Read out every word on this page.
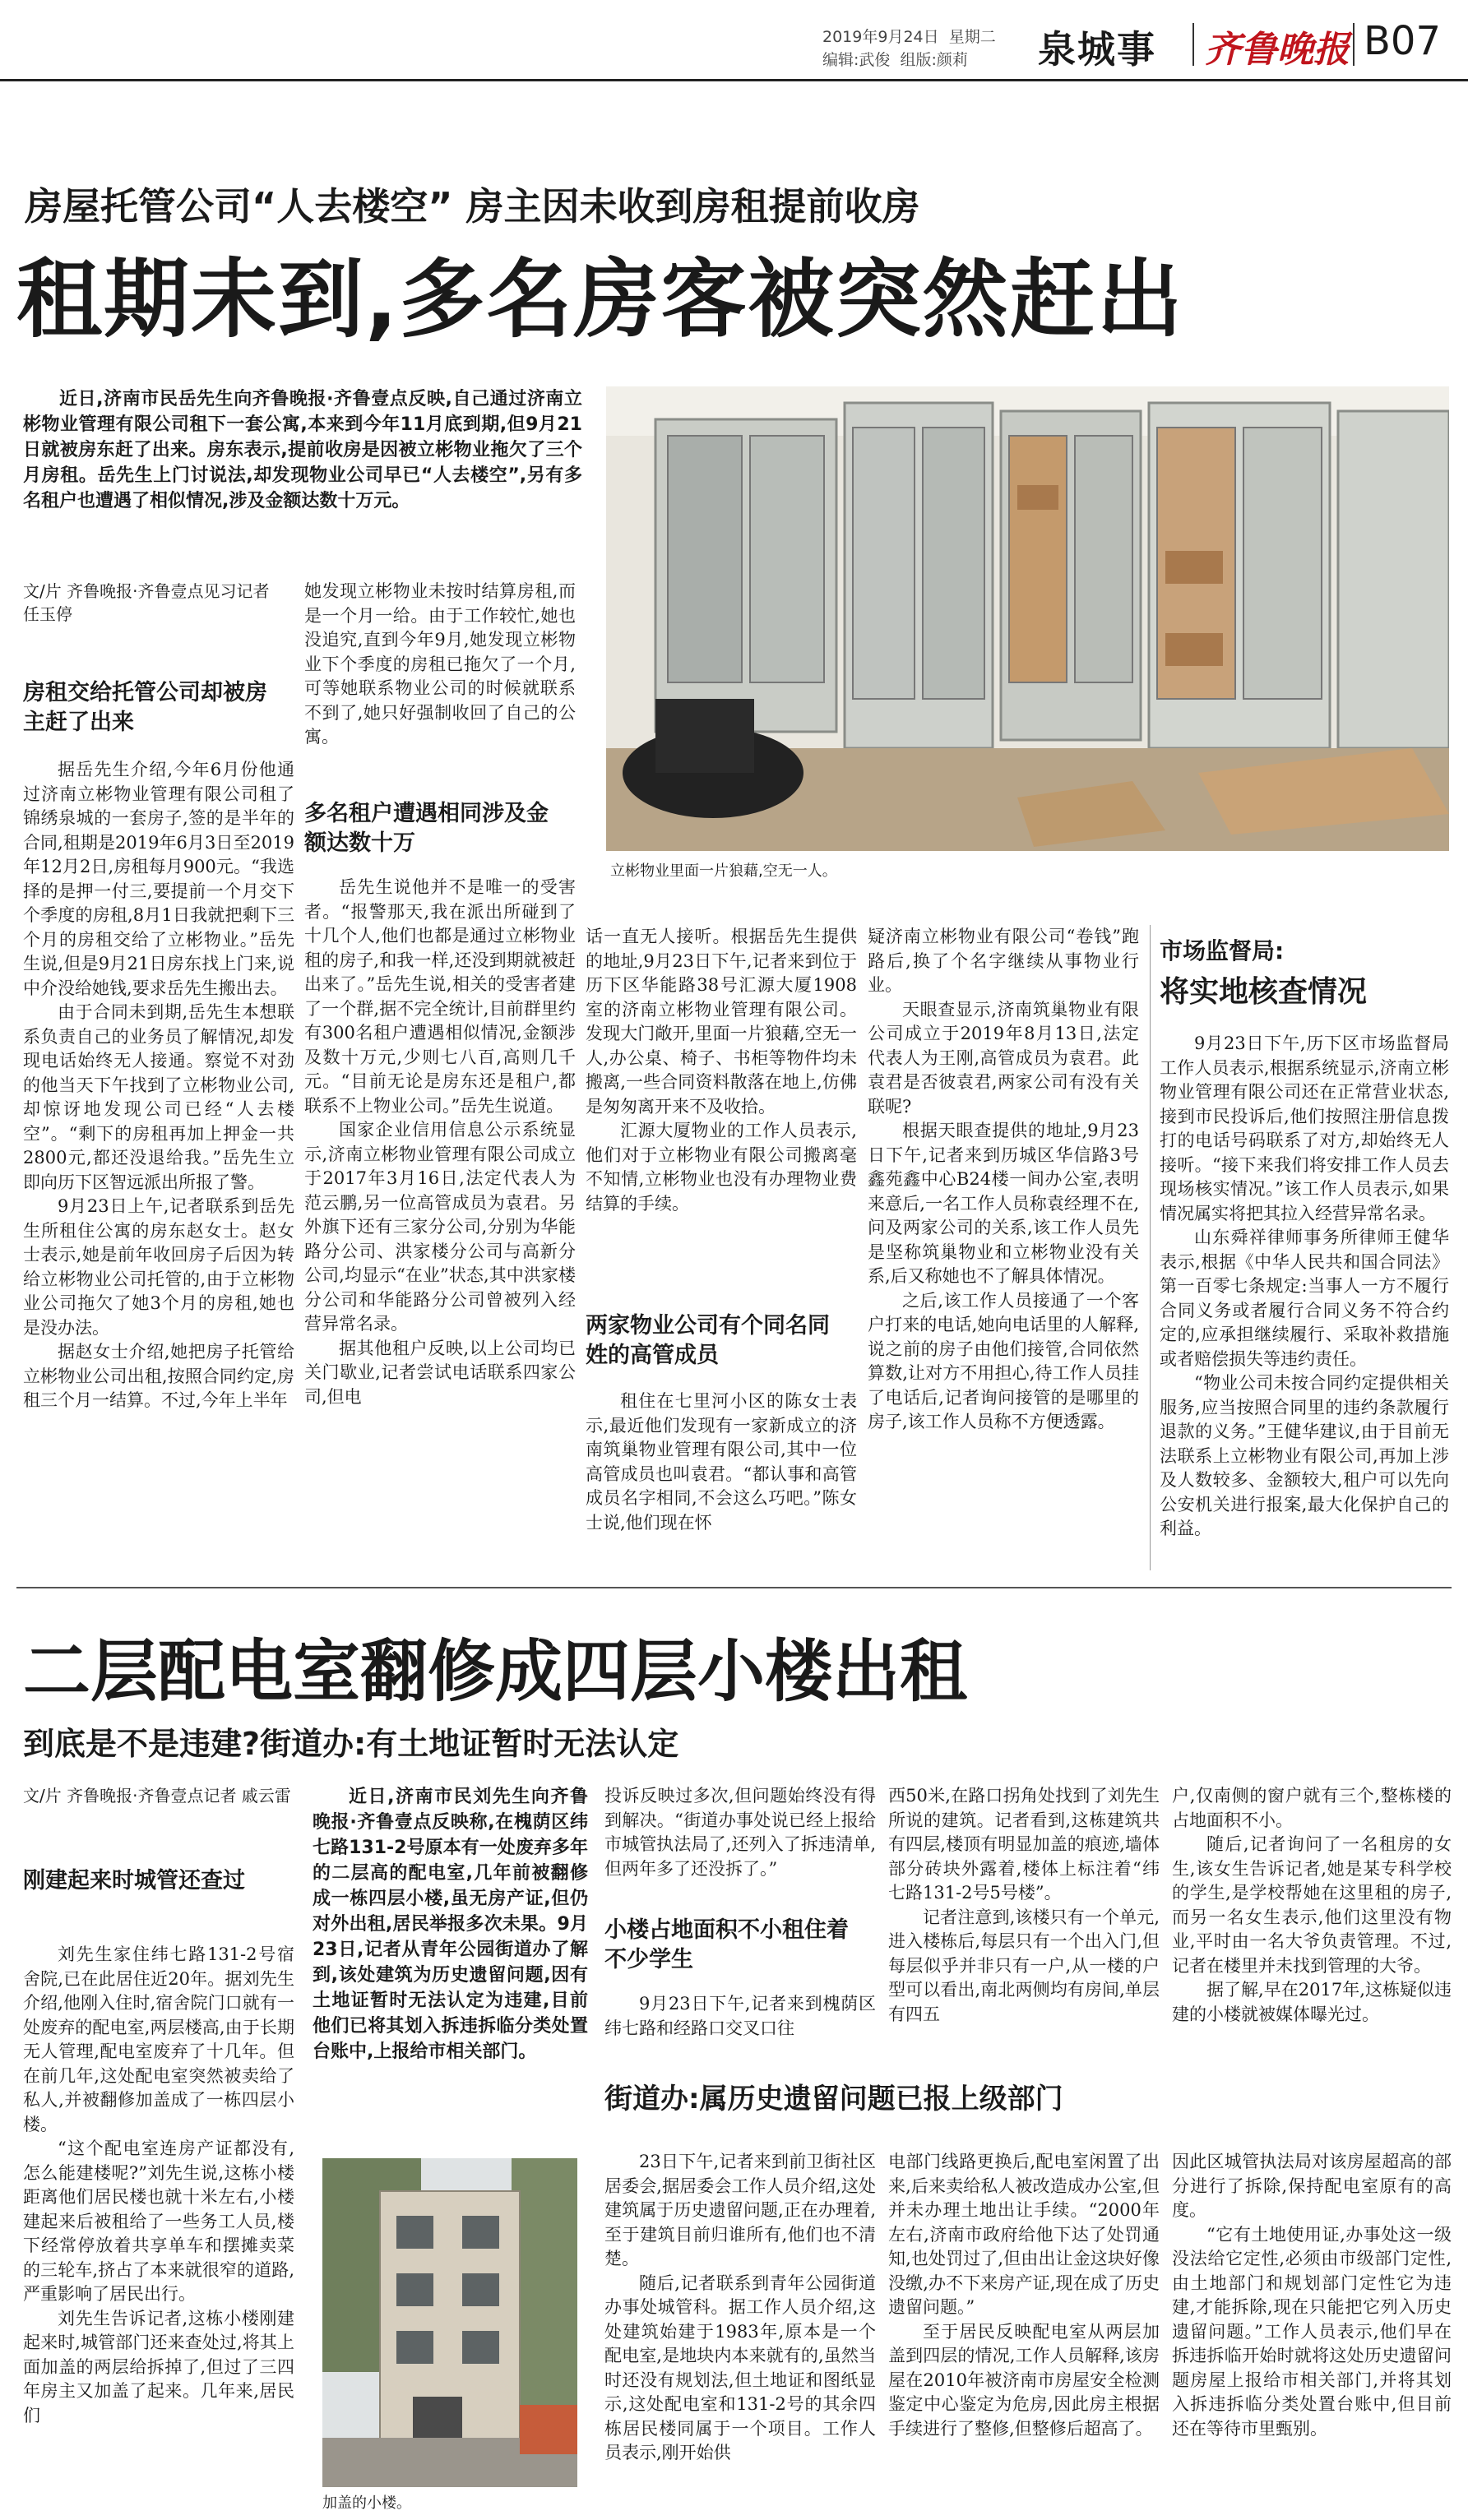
2019年9月24日 星期二
编辑:武俊 组版:颜莉 泉城事 齐鲁晚报 B07
房屋托管公司“人去楼空” 房主因未收到房租提前收房
租期未到,多名房客被突然赶出
近日,济南市民岳先生向齐鲁晚报·齐鲁壹点反映,自己通过济南立彬物业管理有限公司租下一套公寓,本来到今年11月底到期,但9月21日就被房东赶了出来。房东表示,提前收房是因被立彬物业拖欠了三个月房租。岳先生上门讨说法,却发现物业公司早已“人去楼空”,另有多名租户也遭遇了相似情况,涉及金额达数十万元。
立彬物业里面一片狼藉,空无一人。
文/片 齐鲁晚报·齐鲁壹点见习记者 任玉停
房租交给托管公司却被房主赶了出来

据岳先生介绍,今年6月份他通过济南立彬物业管理有限公司租了锦绣泉城的一套房子,签的是半年的合同,租期是2019年6月3日至2019年12月2日,房租每月900元。“我选择的是押一付三,要提前一个月交下个季度的房租,8月1日我就把剩下三个月的房租交给了立彬物业。”岳先生说,但是9月21日房东找上门来,说中介没给她钱,要求岳先生搬出去。

由于合同未到期,岳先生本想联系负责自己的业务员了解情况,却发现电话始终无人接通。察觉不对劲的他当天下午找到了立彬物业公司,却惊讶地发现公司已经“人去楼空”。“剩下的房租再加上押金一共2800元,都还没退给我。”岳先生立即向历下区智远派出所报了警。

9月23日上午,记者联系到岳先生所租住公寓的房东赵女士。赵女士表示,她是前年收回房子后因为转给立彬物业公司托管的,由于立彬物业公司拖欠了她3个月的房租,她也是没办法。

据赵女士介绍,她把房子托管给立彬物业公司出租,按照合同约定,房租三个月一结算。不过,今年上半年

她发现立彬物业未按时结算房租,而是一个月一给。由于工作较忙,她也没追究,直到今年9月,她发现立彬物业下个季度的房租已拖欠了一个月,可等她联系物业公司的时候就联系不到了,她只好强制收回了自己的公寓。

多名租户遭遇相同涉及金额达数十万

岳先生说他并不是唯一的受害者。“报警那天,我在派出所碰到了十几个人,他们也都是通过立彬物业租的房子,和我一样,还没到期就被赶出来了。”岳先生说,相关的受害者建了一个群,据不完全统计,目前群里约有300名租户遭遇相似情况,金额涉及数十万元,少则七八百,高则几千元。“目前无论是房东还是租户,都联系不上物业公司。”岳先生说道。

国家企业信用信息公示系统显示,济南立彬物业管理有限公司成立于2017年3月16日,法定代表人为范云鹏,另一位高管成员为袁君。另外旗下还有三家分公司,分别为华能路分公司、洪家楼分公司与高新分公司,均显示“在业”状态,其中洪家楼分公司和华能路分公司曾被列入经营异常名录。

据其他租户反映,以上公司均已关门歇业,记者尝试电话联系四家公司,但电

话一直无人接听。根据岳先生提供的地址,9月23日下午,记者来到位于历下区华能路38号汇源大厦1908室的济南立彬物业管理有限公司。发现大门敞开,里面一片狼藉,空无一人,办公桌、椅子、书柜等物件均未搬离,一些合同资料散落在地上,仿佛是匆匆离开来不及收拾。

汇源大厦物业的工作人员表示,他们对于立彬物业有限公司搬离毫不知情,立彬物业也没有办理物业费结算的手续。

两家物业公司有个同名同姓的高管成员

租住在七里河小区的陈女士表示,最近他们发现有一家新成立的济南筑巢物业管理有限公司,其中一位高管成员也叫袁君。“都认事和高管成员名字相同,不会这么巧吧。”陈女士说,他们现在怀

疑济南立彬物业有限公司“卷钱”跑路后,换了个名字继续从事物业行业。

天眼查显示,济南筑巢物业有限公司成立于2019年8月13日,法定代表人为王刚,高管成员为袁君。此袁君是否彼袁君,两家公司有没有关联呢?

根据天眼查提供的地址,9月23日下午,记者来到历城区华信路3号鑫苑鑫中心B24楼一间办公室,表明来意后,一名工作人员称袁经理不在,问及两家公司的关系,该工作人员先是坚称筑巢物业和立彬物业没有关系,后又称她也不了解具体情况。

之后,该工作人员接通了一个客户打来的电话,她向电话里的人解释,说之前的房子由他们接管,合同依然算数,让对方不用担心,待工作人员挂了电话后,记者询问接管的是哪里的房子,该工作人员称不方便透露。

市场监督局:
将实地核查情况

9月23日下午,历下区市场监督局工作人员表示,根据系统显示,济南立彬物业管理有限公司还在正常营业状态,接到市民投诉后,他们按照注册信息拨打的电话号码联系了对方,却始终无人接听。“接下来我们将安排工作人员去现场核实情况。”该工作人员表示,如果情况属实将把其拉入经营异常名录。

山东舜祥律师事务所律师王健华表示,根据《中华人民共和国合同法》第一百零七条规定:当事人一方不履行合同义务或者履行合同义务不符合约定的,应承担继续履行、采取补救措施或者赔偿损失等违约责任。

“物业公司未按合同约定提供相关服务,应当按照合同里的违约条款履行退款的义务。”王健华建议,由于目前无法联系上立彬物业有限公司,再加上涉及人数较多、金额较大,租户可以先向公安机关进行报案,最大化保护自己的利益。

二层配电室翻修成四层小楼出租
到底是不是违建?街道办:有土地证暂时无法认定
文/片 齐鲁晚报·齐鲁壹点记者 戚云雷
刚建起来时城管还查过

刘先生家住纬七路131-2号宿舍院,已在此居住近20年。据刘先生介绍,他刚入住时,宿舍院门口就有一处废弃的配电室,两层楼高,由于长期无人管理,配电室废弃了十几年。但在前几年,这处配电室突然被卖给了私人,并被翻修加盖成了一栋四层小楼。

“这个配电室连房产证都没有,怎么能建楼呢?”刘先生说,这栋小楼距离他们居民楼也就十米左右,小楼建起来后被租给了一些务工人员,楼下经常停放着共享单车和摆摊卖菜的三轮车,挤占了本来就很窄的道路,严重影响了居民出行。

刘先生告诉记者,这栋小楼刚建起来时,城管部门还来查处过,将其上面加盖的两层给拆掉了,但过了三四年房主又加盖了起来。几年来,居民们

近日,济南市民刘先生向齐鲁晚报·齐鲁壹点反映称,在槐荫区纬七路131-2号原本有一处废弃多年的二层高的配电室,几年前被翻修成一栋四层小楼,虽无房产证,但仍对外出租,居民举报多次未果。9月23日,记者从青年公园街道办了解到,该处建筑为历史遗留问题,因有土地证暂时无法认定为违建,目前他们已将其划入拆违拆临分类处置台账中,上报给市相关部门。
加盖的小楼。

投诉反映过多次,但问题始终没有得到解决。“街道办事处说已经上报给市城管执法局了,还列入了拆违清单,但两年多了还没拆了。”

小楼占地面积不小租住着不少学生

9月23日下午,记者来到槐荫区纬七路和经路口交叉口往

西50米,在路口拐角处找到了刘先生所说的建筑。记者看到,这栋建筑共有四层,楼顶有明显加盖的痕迹,墙体部分砖块外露着,楼体上标注着“纬七路131-2号5号楼”。

记者注意到,该楼只有一个单元,进入楼栋后,每层只有一个出入门,但每层似乎并非只有一户,从一楼的户型可以看出,南北两侧均有房间,单层有四五

户,仅南侧的窗户就有三个,整栋楼的占地面积不小。

随后,记者询问了一名租房的女生,该女生告诉记者,她是某专科学校的学生,是学校帮她在这里租的房子,而另一名女生表示,他们这里没有物业,平时由一名大爷负责管理。不过,记者在楼里并未找到管理的大爷。

据了解,早在2017年,这栋疑似违建的小楼就被媒体曝光过。

街道办:属历史遗留问题已报上级部门

23日下午,记者来到前卫街社区居委会,据居委会工作人员介绍,这处建筑属于历史遗留问题,正在办理着,至于建筑目前归谁所有,他们也不清楚。

随后,记者联系到青年公园街道办事处城管科。据工作人员介绍,这处建筑始建于1983年,原本是一个配电室,是地块内本来就有的,虽然当时还没有规划法,但土地证和图纸显示,这处配电室和131-2号的其余四栋居民楼同属于一个项目。工作人员表示,刚开始供

电部门线路更换后,配电室闲置了出来,后来卖给私人被改造成办公室,但并未办理土地出让手续。“2000年左右,济南市政府给他下达了处罚通知,也处罚过了,但由出让金这块好像没缴,办不下来房产证,现在成了历史遗留问题。”

至于居民反映配电室从两层加盖到四层的情况,工作人员解释,该房屋在2010年被济南市房屋安全检测鉴定中心鉴定为危房,因此房主根据手续进行了整修,但整修后超高了。

因此区城管执法局对该房屋超高的部分进行了拆除,保持配电室原有的高度。

“它有土地使用证,办事处这一级没法给它定性,必须由市级部门定性,由土地部门和规划部门定性它为违建,才能拆除,现在只能把它列入历史遗留问题。”工作人员表示,他们早在拆违拆临开始时就将这处历史遗留问题房屋上报给市相关部门,并将其划入拆违拆临分类处置台账中,但目前还在等待市里甄别。
